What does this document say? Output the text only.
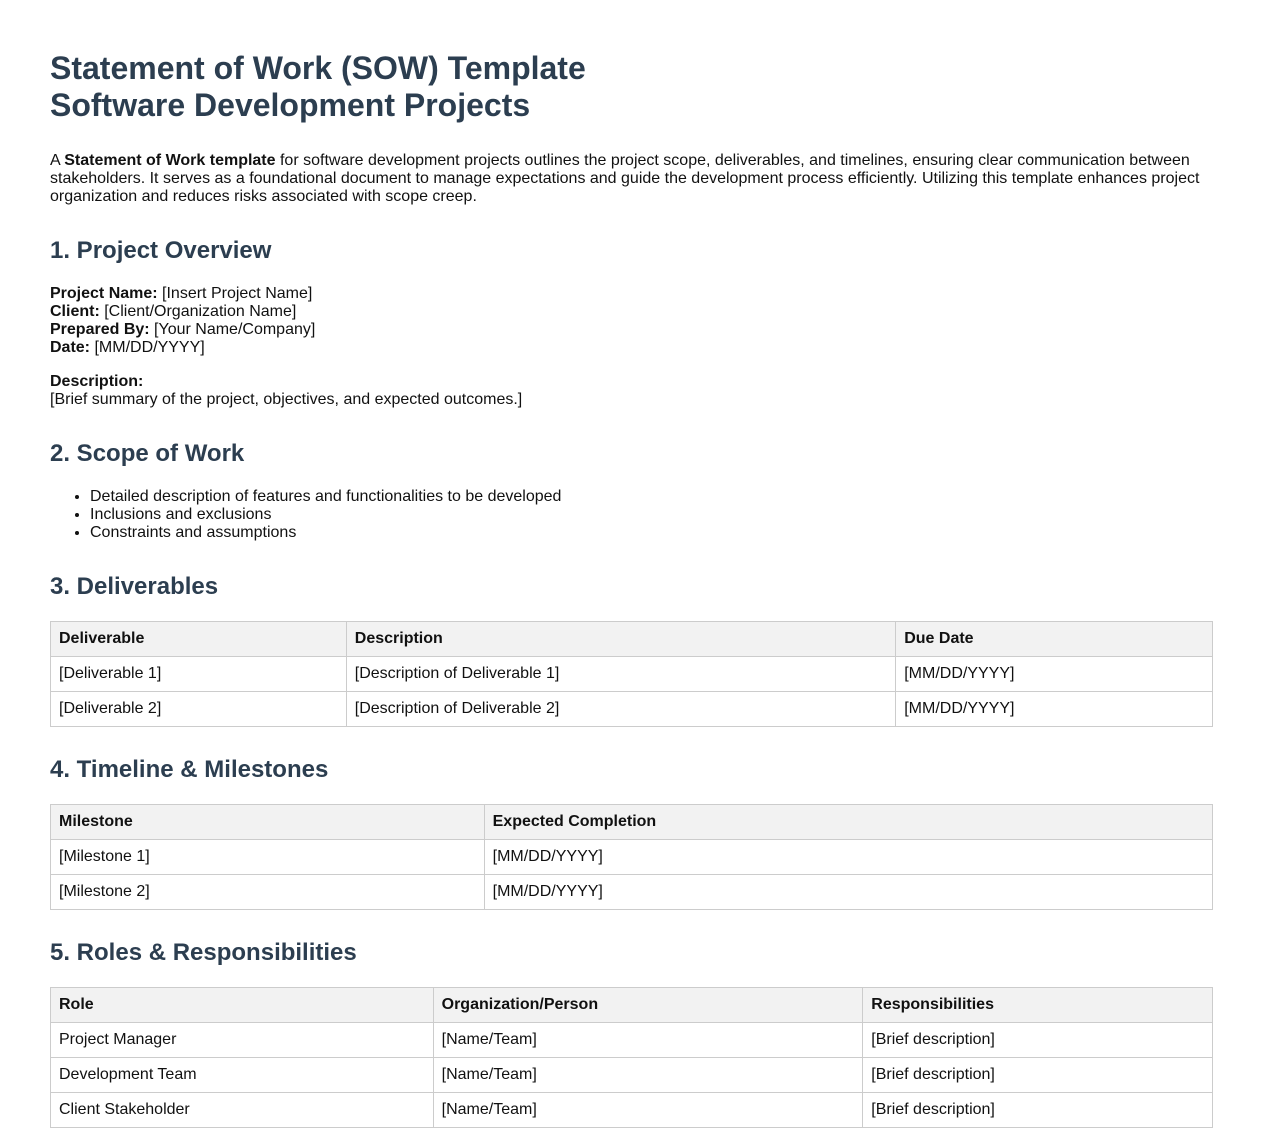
Statement of Work (SOW) Template
Software Development Projects

A Statement of Work template for software development projects outlines the project scope, deliverables, and timelines, ensuring clear communication between stakeholders. It serves as a foundational document to manage expectations and guide the development process efficiently. Utilizing this template enhances project organization and reduces risks associated with scope creep.

1. Project Overview
Project Name: [Insert Project Name]
Client: [Client/Organization Name]
Prepared By: [Your Name/Company]
Date: [MM/DD/YYYY]
Description:
[Brief summary of the project, objectives, and expected outcomes.]
2. Scope of Work
• Detailed description of features and functionalities to be developed
• Inclusions and exclusions
• Constraints and assumptions
3. Deliverables
Deliverable	Description	Due Date
[Deliverable 1]	[Description of Deliverable 1]	[MM/DD/YYYY]
[Deliverable 2]	[Description of Deliverable 2]	[MM/DD/YYYY]
4. Timeline & Milestones
Milestone	Expected Completion
[Milestone 1]	[MM/DD/YYYY]
[Milestone 2]	[MM/DD/YYYY]
5. Roles & Responsibilities
Role	Organization/Person	Responsibilities
Project Manager	[Name/Team]	[Brief description]
Development Team	[Name/Team]	[Brief description]
Client Stakeholder	[Name/Team]	[Brief description]
